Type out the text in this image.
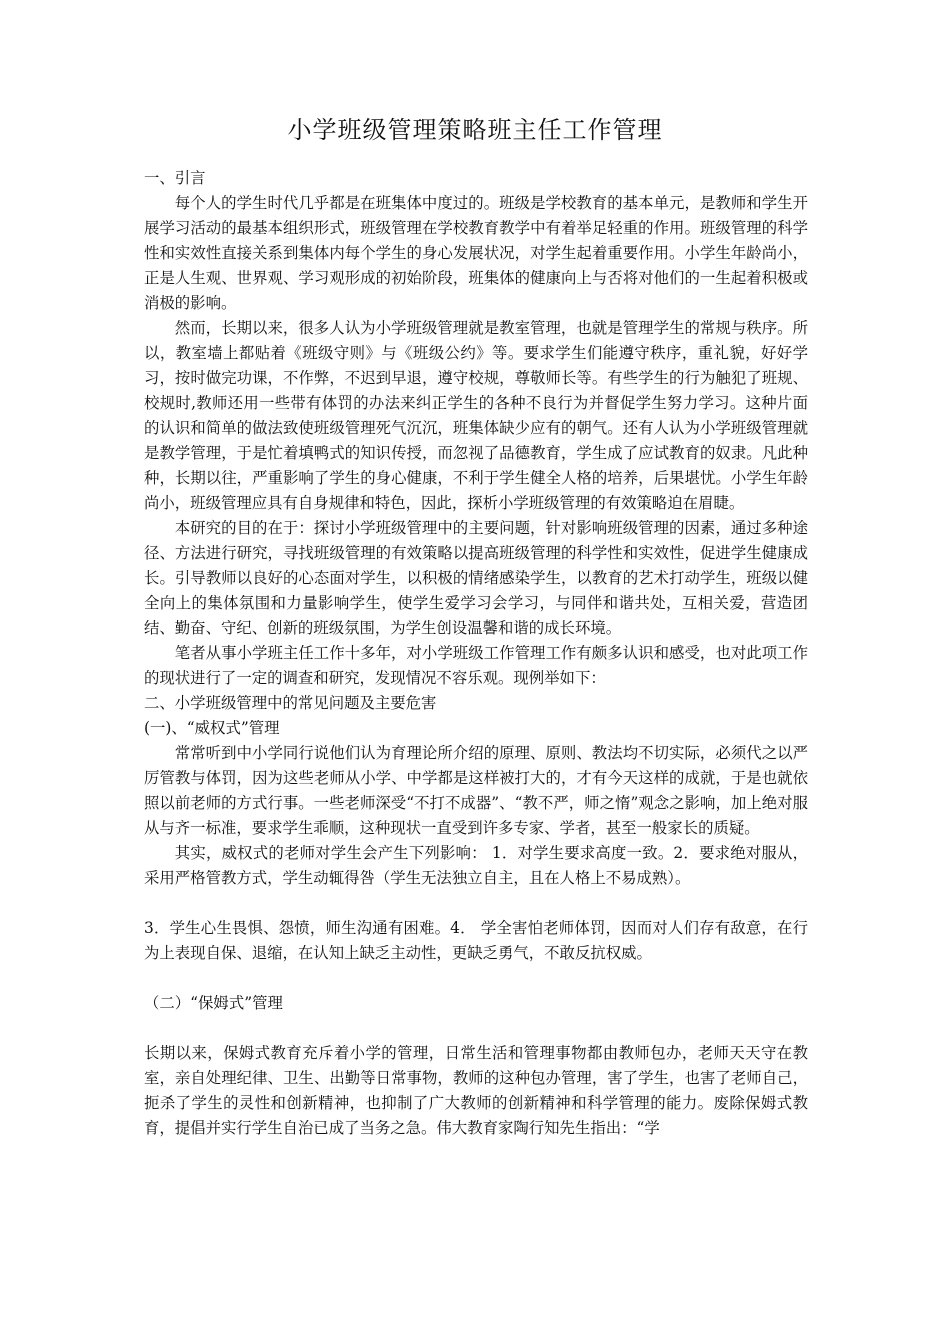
小学班级管理策略班主任工作管理

一、引言

每个人的学生时代几乎都是在班集体中度过的。班级是学校教育的基本单元，是教师和学生开展学习活动的最基本组织形式，班级管理在学校教育教学中有着举足轻重的作用。班级管理的科学性和实效性直接关系到集体内每个学生的身心发展状况，对学生起着重要作用。小学生年龄尚小，正是人生观、世界观、学习观形成的初始阶段，班集体的健康向上与否将对他们的一生起着积极或消极的影响。

然而，长期以来，很多人认为小学班级管理就是教室管理，也就是管理学生的常规与秩序。所以，教室墙上都贴着《班级守则》与《班级公约》等。要求学生们能遵守秩序，重礼貌，好好学习，按时做完功课，不作弊，不迟到早退，遵守校规，尊敬师长等。有些学生的行为触犯了班规、校规时,教师还用一些带有体罚的办法来纠正学生的各种不良行为并督促学生努力学习。这种片面的认识和简单的做法致使班级管理死气沉沉，班集体缺少应有的朝气。还有人认为小学班级管理就是教学管理，于是忙着填鸭式的知识传授，而忽视了品德教育，学生成了应试教育的奴隶。凡此种种，长期以往，严重影响了学生的身心健康，不利于学生健全人格的培养，后果堪忧。小学生年龄尚小，班级管理应具有自身规律和特色，因此，探析小学班级管理的有效策略迫在眉睫。

本研究的目的在于：探讨小学班级管理中的主要问题，针对影响班级管理的因素，通过多种途径、方法进行研究，寻找班级管理的有效策略以提高班级管理的科学性和实效性，促进学生健康成长。引导教师以良好的心态面对学生，以积极的情绪感染学生，以教育的艺术打动学生，班级以健全向上的集体氛围和力量影响学生，使学生爱学习会学习，与同伴和谐共处，互相关爱，营造团结、勤奋、守纪、创新的班级氛围，为学生创设温馨和谐的成长环境。

笔者从事小学班主任工作十多年，对小学班级工作管理工作有颇多认识和感受，也对此项工作的现状进行了一定的调查和研究，发现情况不容乐观。现例举如下：

二、小学班级管理中的常见问题及主要危害

(一)、“威权式”管理

常常听到中小学同行说他们认为育理论所介绍的原理、原则、教法均不切实际，必须代之以严厉管教与体罚，因为这些老师从小学、中学都是这样被打大的，才有今天这样的成就，于是也就依照以前老师的方式行事。一些老师深受“不打不成器”、“教不严，师之惰”观念之影响，加上绝对服从与齐一标准，要求学生乖顺，这种现状一直受到许多专家、学者，甚至一般家长的质疑。

其实，威权式的老师对学生会产生下列影响： 1．对学生要求高度一致。2．要求绝对服从，采用严格管教方式，学生动辄得咎（学生无法独立自主，且在人格上不易成熟）。

3．学生心生畏惧、怨愤，师生沟通有困难。4． 学全害怕老师体罚，因而对人们存有敌意，在行为上表现自保、退缩，在认知上缺乏主动性，更缺乏勇气，不敢反抗权威。

（二）“保姆式”管理

长期以来，保姆式教育充斥着小学的管理，日常生活和管理事物都由教师包办，老师天天守在教室，亲自处理纪律、卫生、出勤等日常事物，教师的这种包办管理，害了学生，也害了老师自己，扼杀了学生的灵性和创新精神，也抑制了广大教师的创新精神和科学管理的能力。废除保姆式教育，提倡并实行学生自治已成了当务之急。伟大教育家陶行知先生指出：“学
